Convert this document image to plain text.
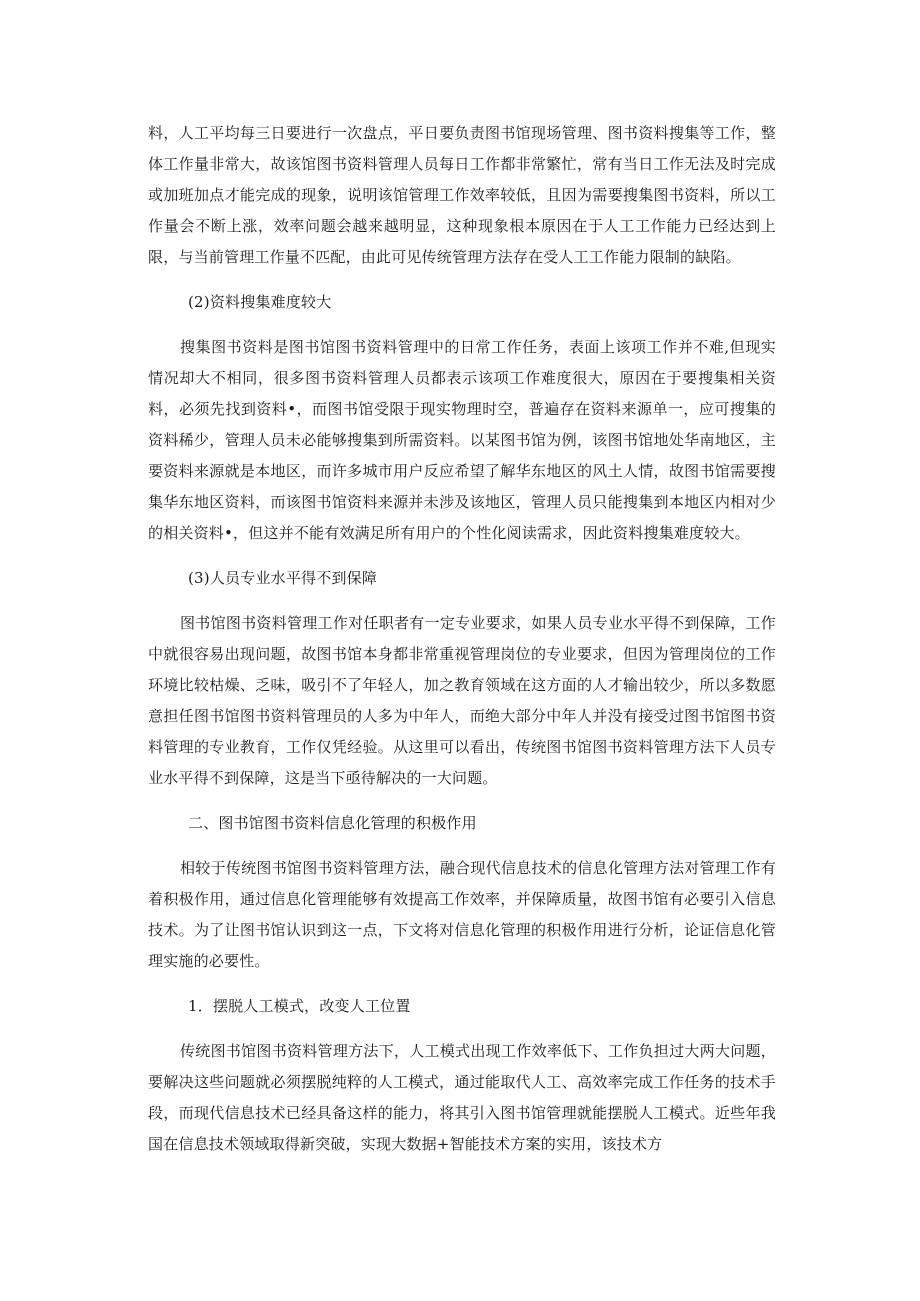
料，人工平均每三日要进行一次盘点，平日要负责图书馆现场管理、图书资料搜集等工作，整体工作量非常大，故该馆图书资料管理人员每日工作都非常繁忙，常有当日工作无法及时完成或加班加点才能完成的现象，说明该馆管理工作效率较低，且因为需要搜集图书资料，所以工作量会不断上涨，效率问题会越来越明显，这种现象根本原因在于人工工作能力已经达到上限，与当前管理工作量不匹配，由此可见传统管理方法存在受人工工作能力限制的缺陷。

(2)资料搜集难度较大

搜集图书资料是图书馆图书资料管理中的日常工作任务，表面上该项工作并不难,但现实情况却大不相同，很多图书资料管理人员都表示该项工作难度很大，原因在于要搜集相关资料，必须先找到资料•，而图书馆受限于现实物理时空，普遍存在资料来源单一，应可搜集的资料稀少，管理人员未必能够搜集到所需资料。以某图书馆为例，该图书馆地处华南地区，主要资料来源就是本地区，而许多城市用户反应希望了解华东地区的风土人情，故图书馆需要搜集华东地区资料，而该图书馆资料来源并未涉及该地区，管理人员只能搜集到本地区内相对少的相关资料•，但这并不能有效满足所有用户的个性化阅读需求，因此资料搜集难度较大。

(3)人员专业水平得不到保障

图书馆图书资料管理工作对任职者有一定专业要求，如果人员专业水平得不到保障，工作中就很容易出现问题，故图书馆本身都非常重视管理岗位的专业要求，但因为管理岗位的工作环境比较枯燥、乏味，吸引不了年轻人，加之教育领域在这方面的人才输出较少，所以多数愿意担任图书馆图书资料管理员的人多为中年人，而绝大部分中年人并没有接受过图书馆图书资料管理的专业教育，工作仅凭经验。从这里可以看出，传统图书馆图书资料管理方法下人员专业水平得不到保障，这是当下亟待解决的一大问题。

二、图书馆图书资料信息化管理的积极作用

相较于传统图书馆图书资料管理方法，融合现代信息技术的信息化管理方法对管理工作有着积极作用，通过信息化管理能够有效提高工作效率，并保障质量，故图书馆有必要引入信息技术。为了让图书馆认识到这一点，下文将对信息化管理的积极作用进行分析，论证信息化管理实施的必要性。

1．摆脱人工模式，改变人工位置

传统图书馆图书资料管理方法下，人工模式出现工作效率低下、工作负担过大两大问题，要解决这些问题就必须摆脱纯粹的人工模式，通过能取代人工、高效率完成工作任务的技术手段，而现代信息技术已经具备这样的能力，将其引入图书馆管理就能摆脱人工模式。近些年我国在信息技术领域取得新突破，实现大数据+智能技术方案的实用，该技术方
